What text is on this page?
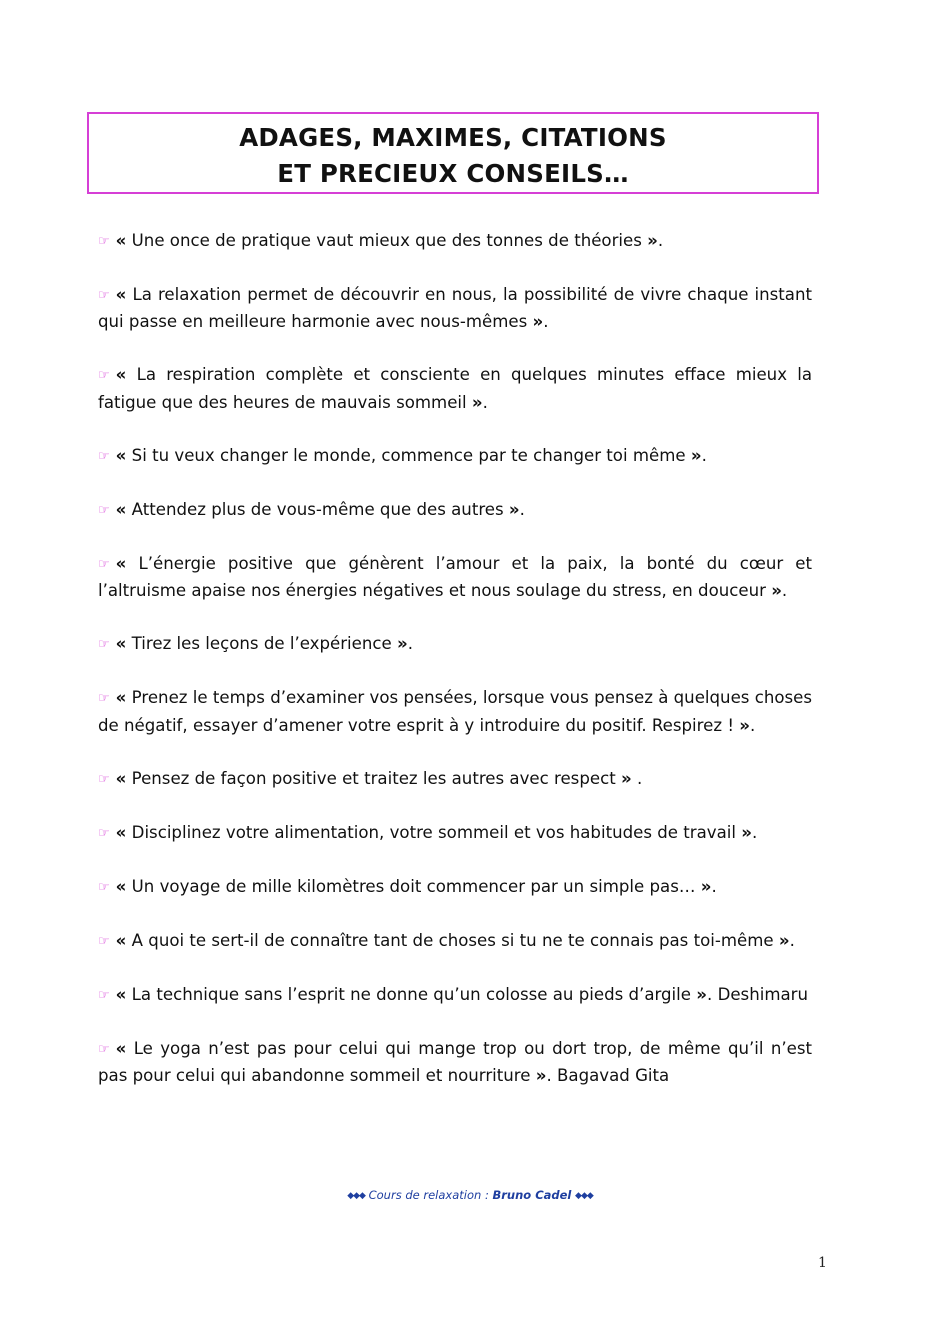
ADAGES, MAXIMES, CITATIONS
ET PRECIEUX CONSEILS…

☞ « Une once de pratique vaut mieux que des tonnes de théories ».

☞ « La relaxation permet de découvrir en nous, la possibilité de vivre chaque instant qui passe en meilleure harmonie avec nous-mêmes ».

☞ « La respiration complète et consciente en quelques minutes efface mieux la fatigue que des heures de mauvais sommeil ».

☞ « Si tu veux changer le monde, commence par te changer toi même ».

☞ « Attendez plus de vous-même que des autres ».

☞ « L’énergie positive que génèrent l’amour et la paix, la bonté du cœur et l’altruisme apaise nos énergies négatives et nous soulage du stress, en douceur ».

☞ « Tirez les leçons de l’expérience ».

☞ « Prenez le temps d’examiner vos pensées, lorsque vous pensez à quelques choses de négatif, essayer d’amener votre esprit à y introduire du positif. Respirez ! ».

☞ « Pensez de façon positive et traitez les autres avec respect » .

☞ « Disciplinez votre alimentation, votre sommeil et vos habitudes de travail ».

☞ « Un voyage de mille kilomètres doit commencer par un simple pas… ».

☞ « A quoi te sert-il de connaître tant de choses si tu ne te connais pas toi-même ».

☞ « La technique sans l’esprit ne donne qu’un colosse au pieds d’argile ». Deshimaru

☞ « Le yoga n’est pas pour celui qui mange trop ou dort trop, de même qu’il n’est pas pour celui qui abandonne sommeil et nourriture ». Bagavad Gita

◆◆◆ Cours de relaxation : Bruno Cadel ◆◆◆
1
